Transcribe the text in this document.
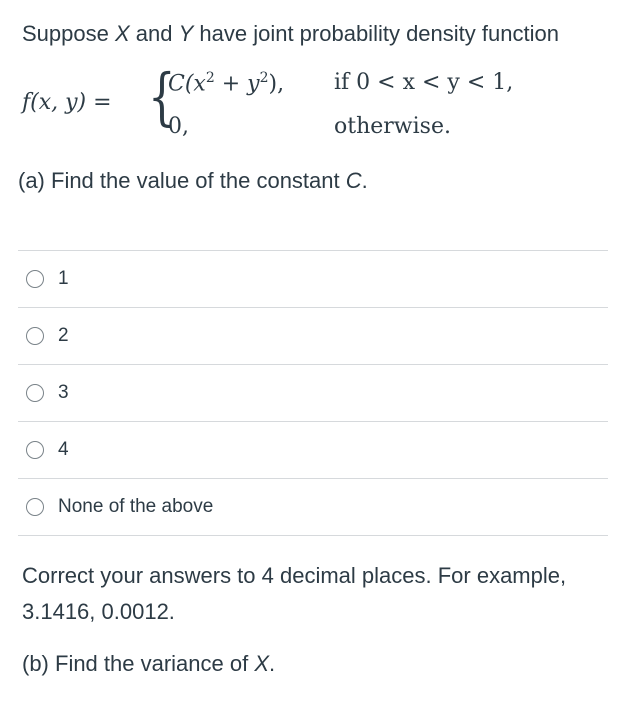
Suppose X and Y have joint probability density function
f(x, y) = {
$C(x^2 + y^2)$, if 0 < x < y < 1,
0,	otherwise.
(a) Find the value of the constant C.
1
2
3
4
None of the above
Correct your answers to 4 decimal places. For example, 3.1416, 0.0012.
(b) Find the variance of X.
